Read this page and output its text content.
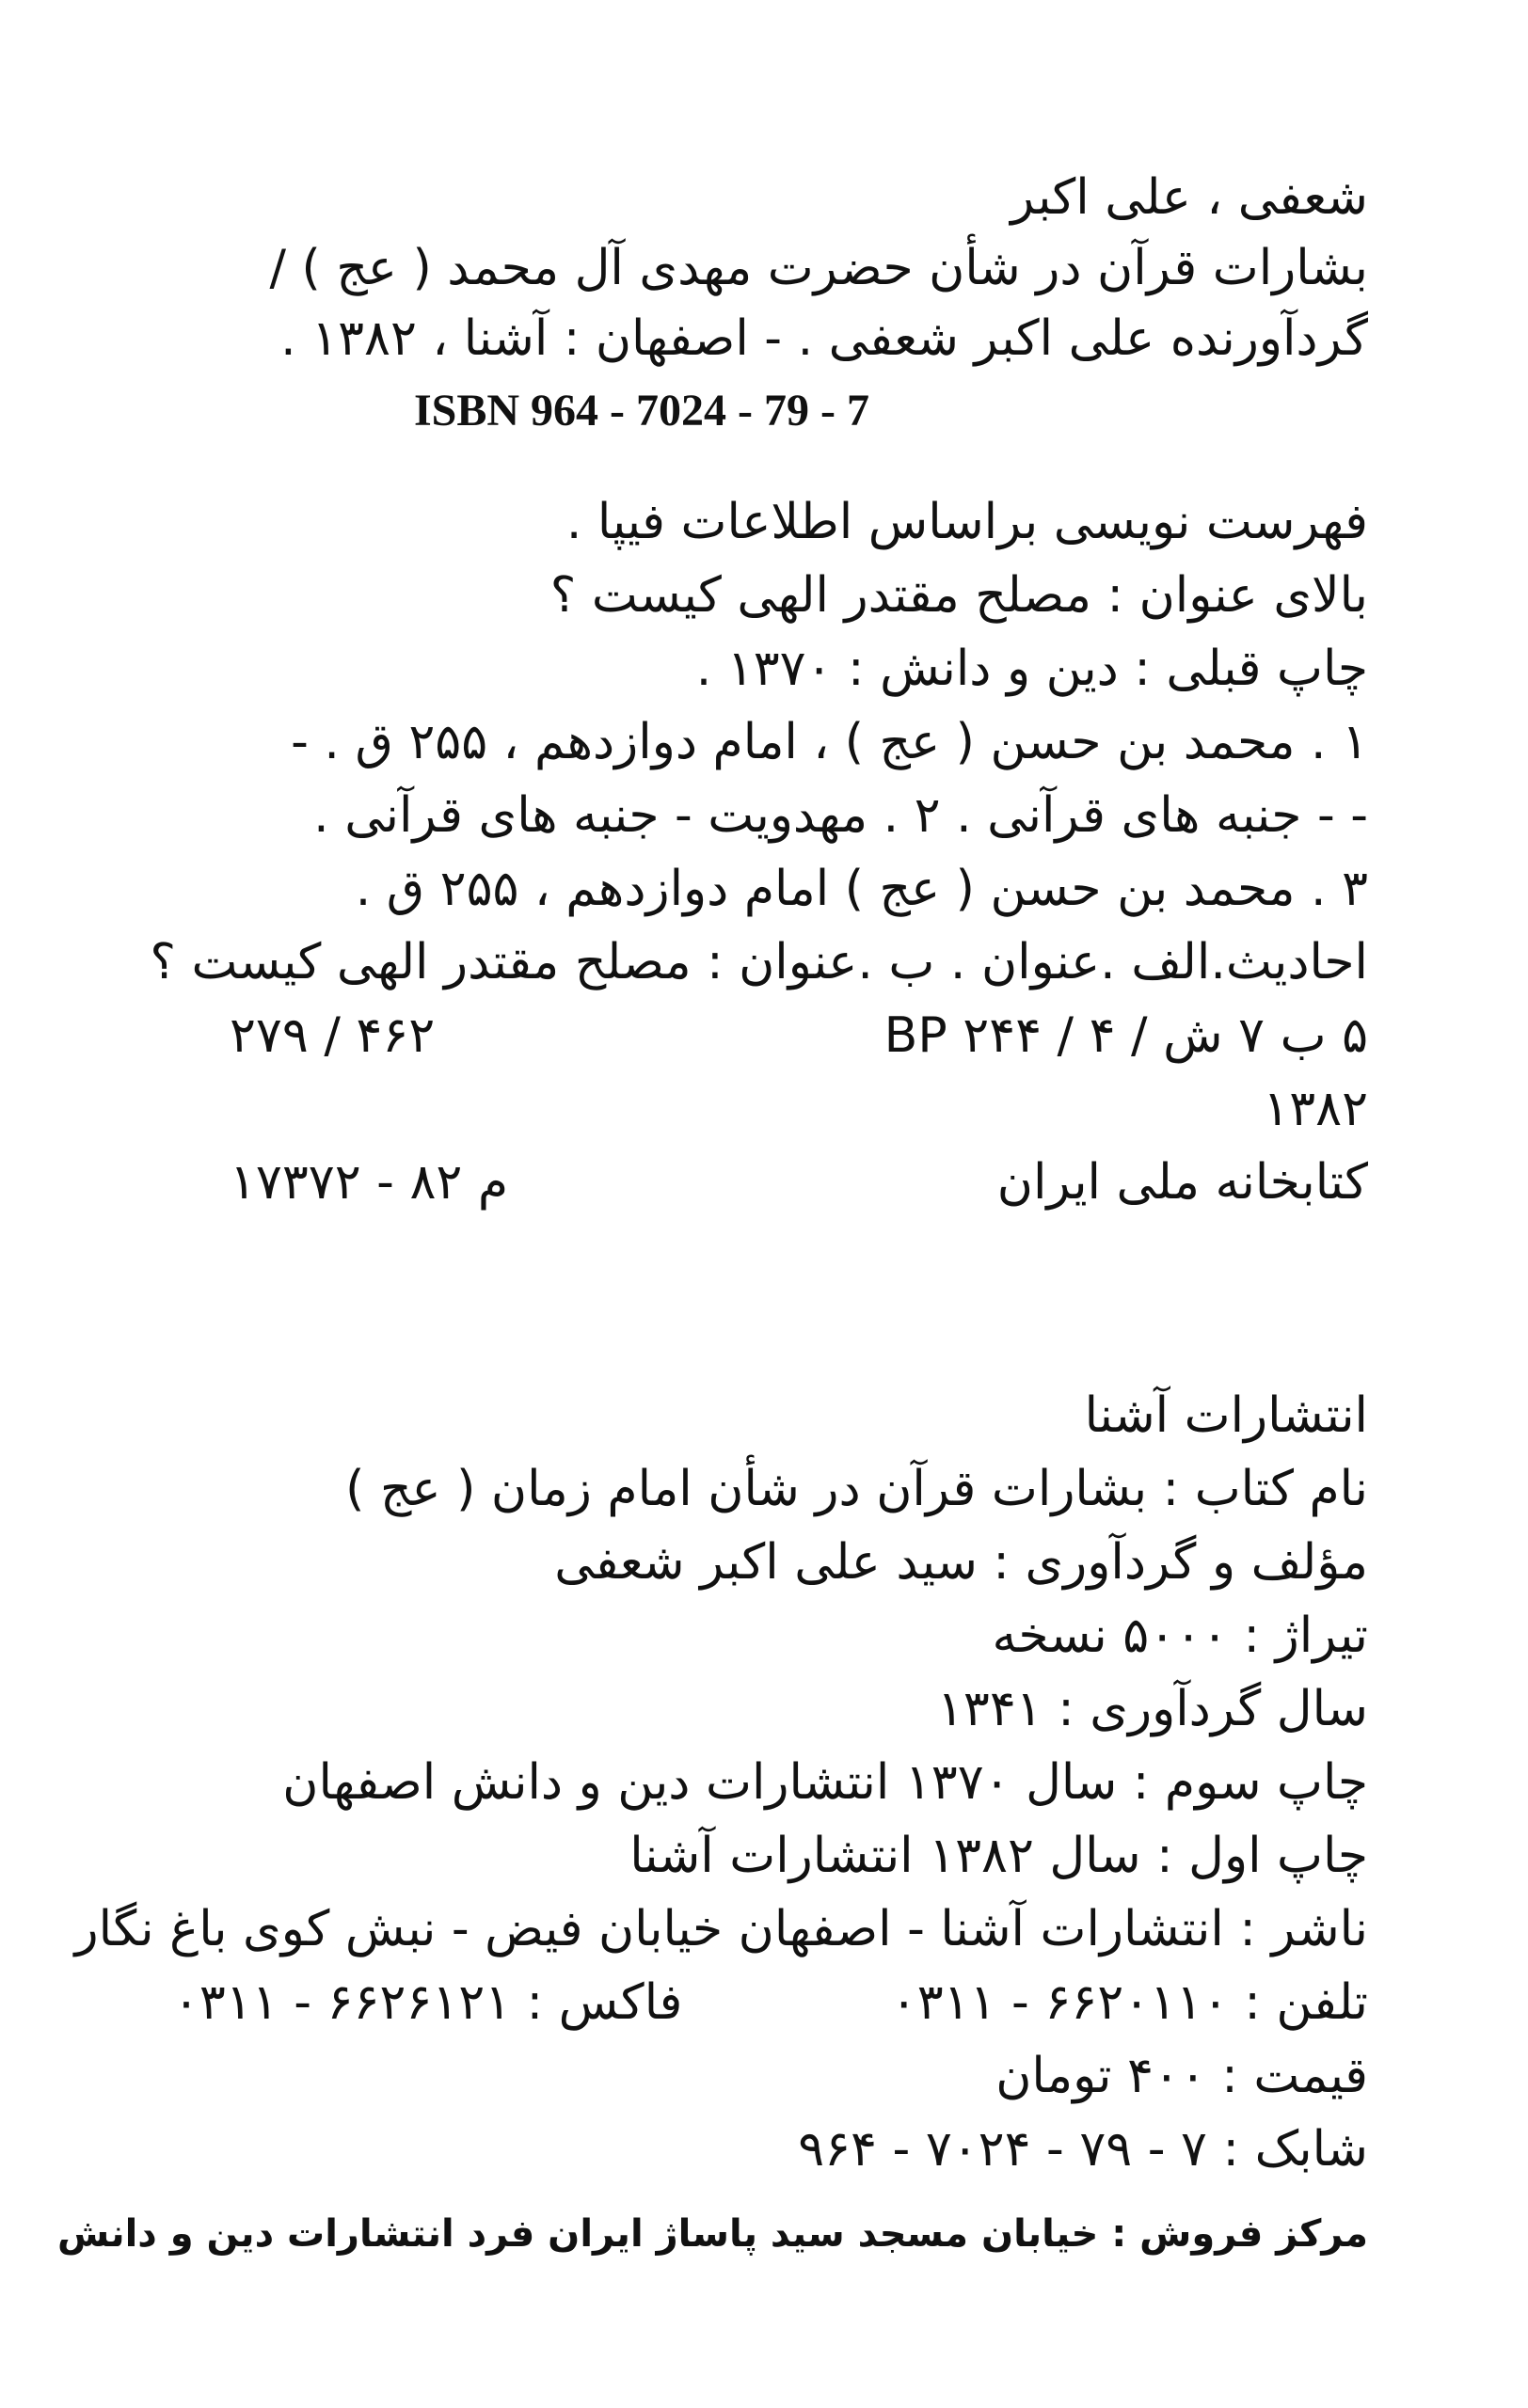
شعفی ، علی اکبر
بشارات قرآن در شأن حضرت مهدی آل محمد ( عج ) /
گردآورنده علی اکبر شعفی . - اصفهان : آشنا ، ۱۳۸۲ .
ISBN 964 - 7024 - 79 - 7
فهرست نویسی براساس اطلاعات فیپا .
بالای عنوان : مصلح مقتدر الهی کیست ؟
چاپ قبلی : دین و دانش : ۱۳۷۰ .
۱ . محمد بن حسن ( عج ) ، امام دوازدهم ، ۲۵۵ ق . -
- - جنبه های قرآنی . ۲ . مهدویت - جنبه های قرآنی .
۳ . محمد بن حسن ( عج ) امام دوازدهم ، ۲۵۵ ق .
احادیث.الف .عنوان . ب .عنوان : مصلح مقتدر الهی کیست ؟
۵ ب ۷ ش / ۴ / ۲۴۴ BP
۴۶۲ / ۲۷۹
۱۳۸۲
کتابخانه ملی ایران
م ۸۲ - ۱۷۳۷۲
انتشارات آشنا
نام کتاب : بشارات قرآن در شأن امام زمان ( عج )
مؤلف و گردآوری : سید علی اکبر شعفی
تیراژ : ۵۰۰۰ نسخه
سال گردآوری : ۱۳۴۱
چاپ سوم : سال ۱۳۷۰ انتشارات دین و دانش اصفهان
چاپ اول : سال ۱۳۸۲ انتشارات آشنا
ناشر : انتشارات آشنا - اصفهان خیابان فیض - نبش کوی باغ نگار
تلفن : ۶۶۲۰۱۱۰ - ۰۳۱۱
فاکس : ۶۶۲۶۱۲۱ - ۰۳۱۱
قیمت : ۴۰۰ تومان
شابک : ۷ - ۷۹ - ۷۰۲۴ - ۹۶۴
مرکز فروش : خیابان مسجد سید پاساژ ایران فرد انتشارات دین و دانش
